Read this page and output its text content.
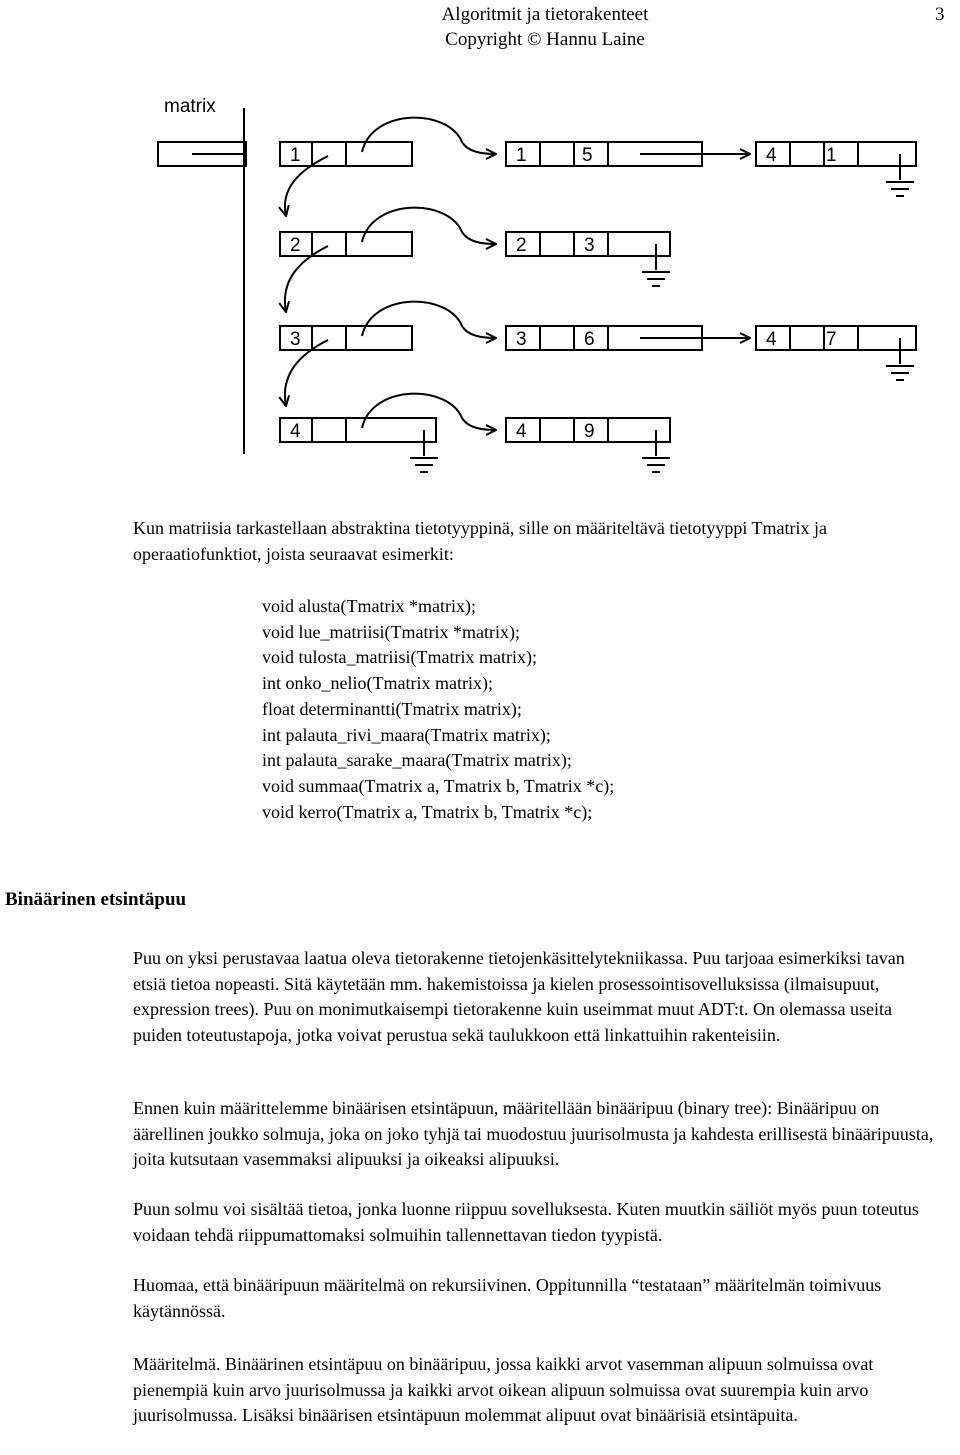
Algoritmit ja tietorakenteet
Copyright © Hannu Laine
3
matrix
1	1	5	4	1
2	2	3
3	3	6	4	7
4	4	9

Kun matriisia tarkastellaan abstraktina tietotyyppinä, sille on määriteltävä tietotyyppi Tmatrix ja operaatiofunktiot, joista seuraavat esimerkit:

void alusta(Tmatrix *matrix);
void lue_matriisi(Tmatrix *matrix);
void tulosta_matriisi(Tmatrix matrix);
int onko_nelio(Tmatrix matrix);
float determinantti(Tmatrix matrix);
int palauta_rivi_maara(Tmatrix matrix);
int palauta_sarake_maara(Tmatrix matrix);
void summaa(Tmatrix a, Tmatrix b, Tmatrix *c);
void kerro(Tmatrix a, Tmatrix b, Tmatrix *c);
Binäärinen etsintäpuu

Puu on yksi perustavaa laatua oleva tietorakenne tietojenkäsittelytekniikassa. Puu tarjoaa esimerkiksi tavan etsiä tietoa nopeasti. Sitä käytetään mm. hakemistoissa ja kielen prosessointisovelluksissa (ilmaisupuut, expression trees). Puu on monimutkaisempi tietorakenne kuin useimmat muut ADT:t. On olemassa useita puiden toteutustapoja, jotka voivat perustua sekä taulukkoon että linkattuihin rakenteisiin.

Ennen kuin määrittelemme binäärisen etsintäpuun, määritellään binääripuu (binary tree): Binääripuu on äärellinen joukko solmuja, joka on joko tyhjä tai muodostuu juurisolmusta ja kahdesta erillisestä binääripuusta, joita kutsutaan vasemmaksi alipuuksi ja oikeaksi alipuuksi.

Puun solmu voi sisältää tietoa, jonka luonne riippuu sovelluksesta. Kuten muutkin säiliöt myös puun toteutus voidaan tehdä riippumattomaksi solmuihin tallennettavan tiedon tyypistä.

Huomaa, että binääripuun määritelmä on rekursiivinen. Oppitunnilla “testataan” määritelmän toimivuus käytännössä.

Määritelmä. Binäärinen etsintäpuu on binääripuu, jossa kaikki arvot vasemman alipuun solmuissa ovat pienempiä kuin arvo juurisolmussa ja kaikki arvot oikean alipuun solmuissa ovat suurempia kuin arvo juurisolmussa. Lisäksi binäärisen etsintäpuun molemmat alipuut ovat binäärisiä etsintäpuita.
